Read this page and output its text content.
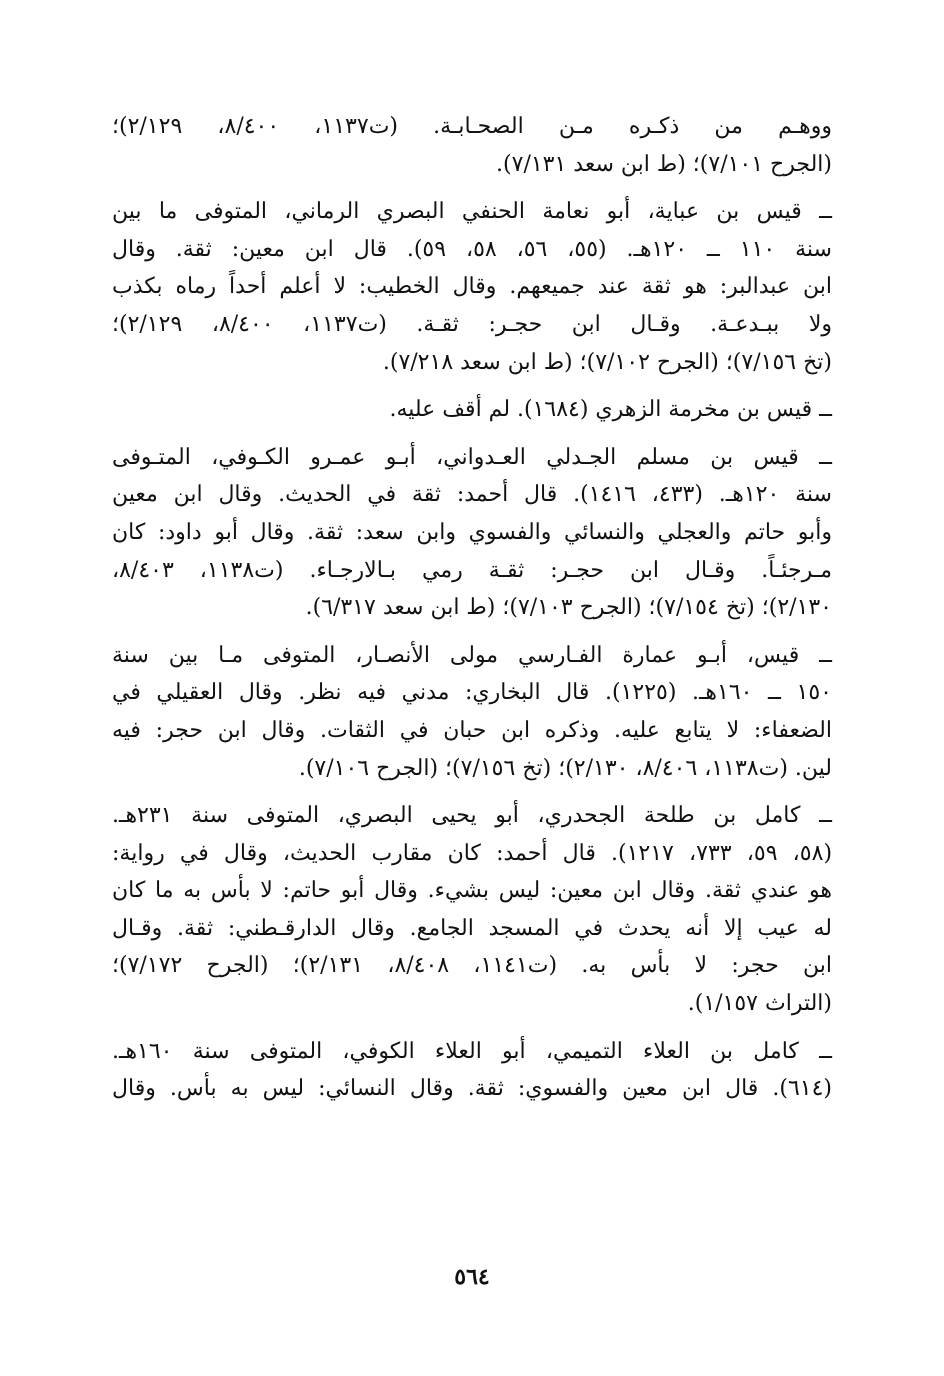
ووهـم من ذكـره مـن الصحـابـة. (ت١١٣٧، ٨/٤٠٠، ٢/١٢٩)؛
(الجرح ٧/١٠١)؛ (ط ابن سعد ٧/١٣١).
ــ قيس بن عباية، أبو نعامة الحنفي البصري الرماني، المتوفى ما بين
سنة ١١٠ ــ ١٢٠هـ. (٥٥، ٥٦، ٥٨، ٥٩). قال ابن معين: ثقة. وقال
ابن عبدالبر: هو ثقة عند جميعهم. وقال الخطيب: لا أعلم أحداً رماه بكذب
ولا ببـدعـة. وقـال ابن حجـر: ثقـة. (ت١١٣٧، ٨/٤٠٠، ٢/١٢٩)؛
(تخ ٧/١٥٦)؛ (الجرح ٧/١٠٢)؛ (ط ابن سعد ٧/٢١٨).
ــ قيس بن مخرمة الزهري (١٦٨٤). لم أقف عليه.
ــ قيس بن مسلم الجـدلي العـدواني، أبـو عمـرو الكـوفي، المتـوفى
سنة ١٢٠هـ. (٤٣٣، ١٤١٦). قال أحمد: ثقة في الحديث. وقال ابن معين
وأبو حاتم والعجلي والنسائي والفسوي وابن سعد: ثقة. وقال أبو داود: كان
مـرجئـاً. وقـال ابن حجـر: ثقـة رمي بـالارجـاء. (ت١١٣٨، ٨/٤٠٣،
٢/١٣٠)؛ (تخ ٧/١٥٤)؛ (الجرح ٧/١٠٣)؛ (ط ابن سعد ٦/٣١٧).
ــ قيس، أبـو عمارة الفـارسي مولى الأنصـار، المتوفى مـا بين سنة
١٥٠ ــ ١٦٠هـ. (١٢٢٥). قال البخاري: مدني فيه نظر. وقال العقيلي في
الضعفاء: لا يتابع عليه. وذكره ابن حبان في الثقات. وقال ابن حجر: فيه
لين. (ت١١٣٨، ٨/٤٠٦، ٢/١٣٠)؛ (تخ ٧/١٥٦)؛ (الجرح ٧/١٠٦).
ــ كامل بن طلحة الجحدري، أبو يحيى البصري، المتوفى سنة ٢٣١هـ.
(٥٨، ٥٩، ٧٣٣، ١٢١٧). قال أحمد: كان مقارب الحديث، وقال في رواية:
هو عندي ثقة. وقال ابن معين: ليس بشيء. وقال أبو حاتم: لا بأس به ما كان
له عيب إلا أنه يحدث في المسجد الجامع. وقال الدارقـطني: ثقة. وقـال
ابن حجر: لا بأس به. (ت١١٤١، ٨/٤٠٨، ٢/١٣١)؛ (الجرح ٧/١٧٢)؛
(التراث ١/١٥٧).
ــ كامل بن العلاء التميمي، أبو العلاء الكوفي، المتوفى سنة ١٦٠هـ.
(٦١٤). قال ابن معين والفسوي: ثقة. وقال النسائي: ليس به بأس. وقال
٥٦٤
